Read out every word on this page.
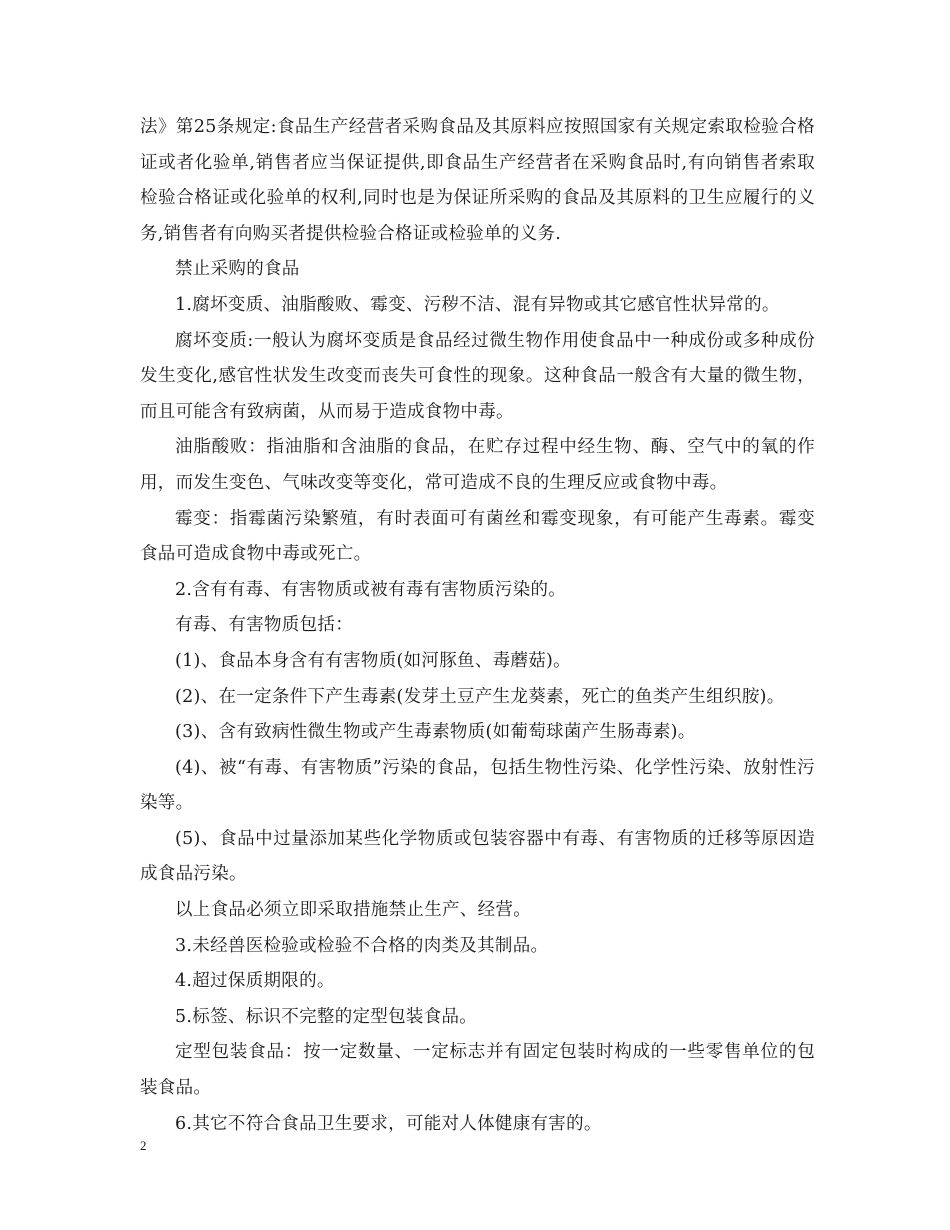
法》第25条规定:食品生产经营者采购食品及其原料应按照国家有关规定索取检验合格证或者化验单,销售者应当保证提供,即食品生产经营者在采购食品时,有向销售者索取检验合格证或化验单的权利,同时也是为保证所采购的食品及其原料的卫生应履行的义务,销售者有向购买者提供检验合格证或检验单的义务.

禁止采购的食品

1.腐坏变质、油脂酸败、霉变、污秽不洁、混有异物或其它感官性状异常的。

腐坏变质:一般认为腐坏变质是食品经过微生物作用使食品中一种成份或多种成份发生变化,感官性状发生改变而丧失可食性的现象。这种食品一般含有大量的微生物，而且可能含有致病菌，从而易于造成食物中毒。

油脂酸败：指油脂和含油脂的食品，在贮存过程中经生物、酶、空气中的氧的作用，而发生变色、气味改变等变化，常可造成不良的生理反应或食物中毒。

霉变：指霉菌污染繁殖，有时表面可有菌丝和霉变现象，有可能产生毒素。霉变食品可造成食物中毒或死亡。

2.含有有毒、有害物质或被有毒有害物质污染的。

有毒、有害物质包括：

(1)、食品本身含有有害物质(如河豚鱼、毒蘑菇)。

(2)、在一定条件下产生毒素(发芽土豆产生龙葵素，死亡的鱼类产生组织胺)。

(3)、含有致病性微生物或产生毒素物质(如葡萄球菌产生肠毒素)。

(4)、被“有毒、有害物质”污染的食品，包括生物性污染、化学性污染、放射性污染等。

(5)、食品中过量添加某些化学物质或包装容器中有毒、有害物质的迁移等原因造成食品污染。

以上食品必须立即采取措施禁止生产、经营。

3.未经兽医检验或检验不合格的肉类及其制品。

4.超过保质期限的。

5.标签、标识不完整的定型包装食品。

定型包装食品：按一定数量、一定标志并有固定包装时构成的一些零售单位的包装食品。

6.其它不符合食品卫生要求，可能对人体健康有害的。

2
